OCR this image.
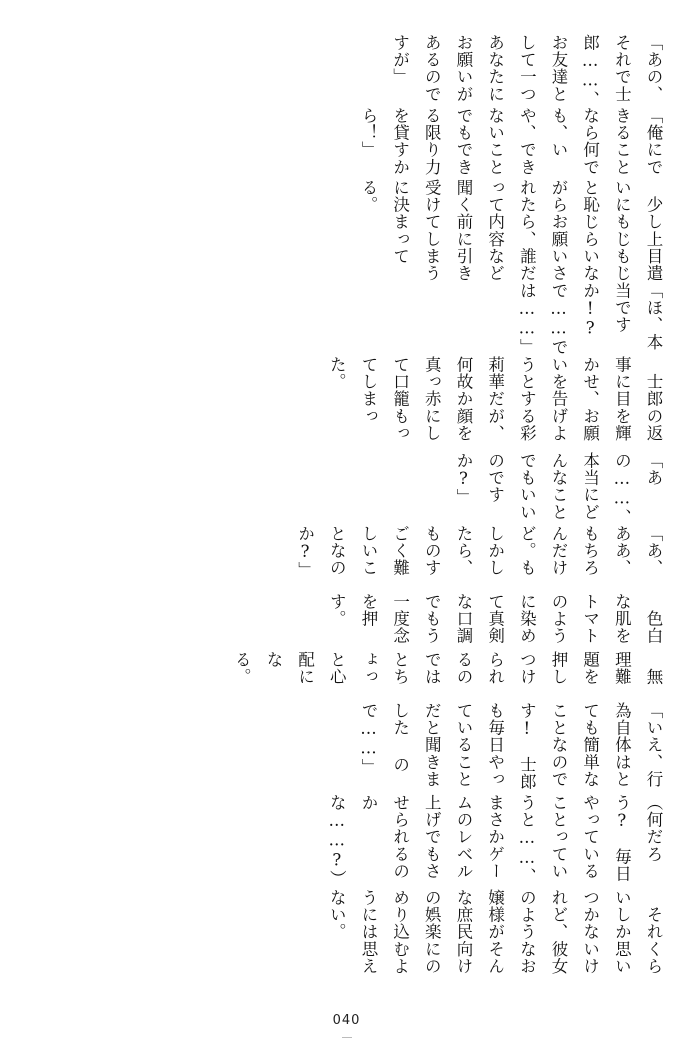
「あの、それで士郎……、お友達として一つあなたにお願いがあるのですが」

「俺にできることなら何でも、いや、できないことでもできる限り力を貸すから！」

　少し上目遣いにもじもじと恥じらいながらお願いされたら、誰だって内容など聞く前に引き受けてしまうに決まってる。

「ほ、本当ですか!?　で……では……」

　士郎の返事に目を輝かせ、お願いを告げようとする彩莉華だが、何故か顔を真っ赤にして口籠もってしまった。

「あの……、本当にどんなことでもいいのですか?」

「あ、ああ、もちろんだけど。もしかしたら、ものすごく難しいことなのか?」

　色白な肌をトマトのように染めて真剣な口調でもう一度念を押す。

　無理難題を押しつけられるのではとちょっと心配になる。

「いえ、行為自体はとても簡単なことなのです!　士郎も毎日やっていることだと聞きました ので……」

（何だろう?　毎日やっていることっていうと……、まさかゲームのレベル上げでもさせられるのかな……?）

　それくらいしか思いつかないけれど、彼女のようなお嬢様がそんな庶民向けの娯楽にのめり込むようには思えない。

040
